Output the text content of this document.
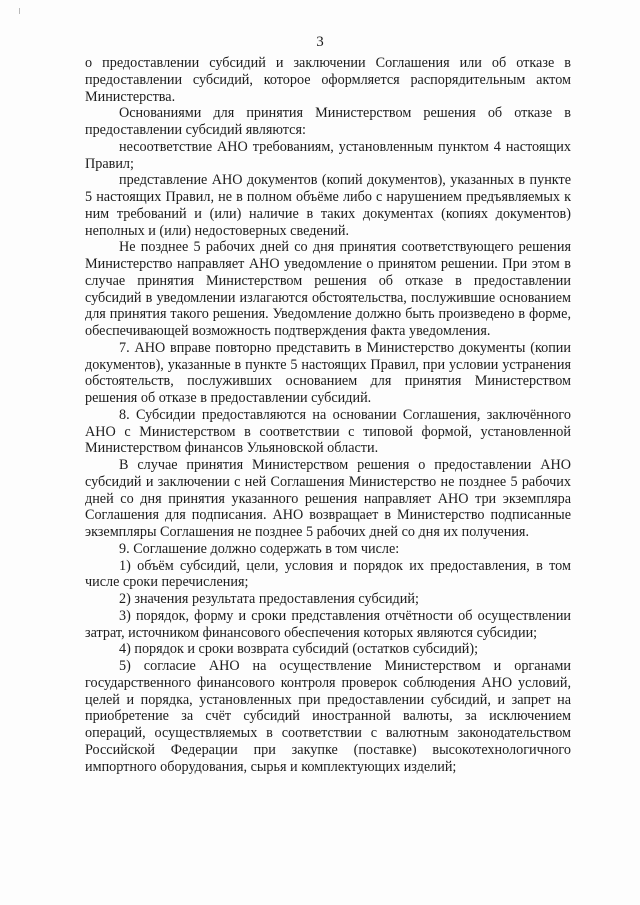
3

о предоставлении субсидий и заключении Соглашения или об отказе в предоставлении субсидий, которое оформляется распорядительным актом Министерства.

Основаниями для принятия Министерством решения об отказе в предоставлении субсидий являются:

несоответствие АНО требованиям, установленным пунктом 4 настоящих Правил;

представление АНО документов (копий документов), указанных в пункте 5 настоящих Правил, не в полном объёме либо с нарушением предъявляемых к ним требований и (или) наличие в таких документах (копиях документов) неполных и (или) недостоверных сведений.

Не позднее 5 рабочих дней со дня принятия соответствующего решения Министерство направляет АНО уведомление о принятом решении. При этом в случае принятия Министерством решения об отказе в предоставлении субсидий в уведомлении излагаются обстоятельства, послужившие основанием для принятия такого решения. Уведомление должно быть произведено в форме, обеспечивающей возможность подтверждения факта уведомления.

7. АНО вправе повторно представить в Министерство документы (копии документов), указанные в пункте 5 настоящих Правил, при условии устранения обстоятельств, послуживших основанием для принятия Министерством решения об отказе в предоставлении субсидий.

8. Субсидии предоставляются на основании Соглашения, заключённого АНО с Министерством в соответствии с типовой формой, установленной Министерством финансов Ульяновской области.

В случае принятия Министерством решения о предоставлении АНО субсидий и заключении с ней Соглашения Министерство не позднее 5 рабочих дней со дня принятия указанного решения направляет АНО три экземпляра Соглашения для подписания. АНО возвращает в Министерство подписанные экземпляры Соглашения не позднее 5 рабочих дней со дня их получения.

9. Соглашение должно содержать в том числе:

1) объём субсидий, цели, условия и порядок их предоставления, в том числе сроки перечисления;

2) значения результата предоставления субсидий;

3) порядок, форму и сроки представления отчётности об осуществлении затрат, источником финансового обеспечения которых являются субсидии;

4) порядок и сроки возврата субсидий (остатков субсидий);

5) согласие АНО на осуществление Министерством и органами государственного финансового контроля проверок соблюдения АНО условий, целей и порядка, установленных при предоставлении субсидий, и запрет на приобретение за счёт субсидий иностранной валюты, за исключением операций, осуществляемых в соответствии с валютным законодательством Российской Федерации при закупке (поставке) высокотехнологичного импортного оборудования, сырья и комплектующих изделий;
